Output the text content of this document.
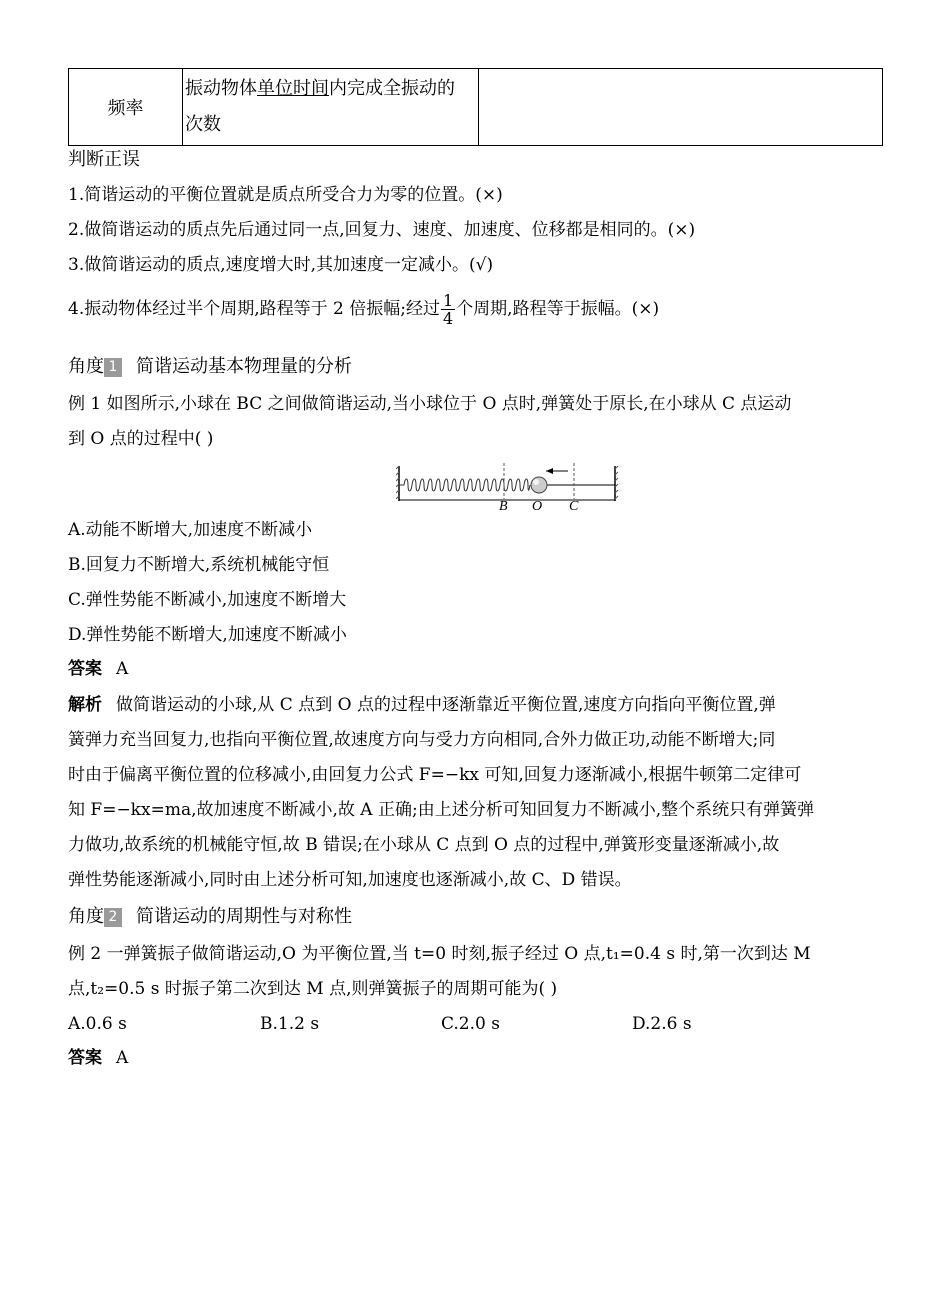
频率	振动物体单位时间内完成全振动的
次数	
判断正误
1.简谐运动的平衡位置就是质点所受合力为零的位置。(×)
2.做简谐运动的质点先后通过同一点,回复力、速度、加速度、位移都是相同的。(×)
3.做简谐运动的质点,速度增大时,其加速度一定减小。(√)
4.振动物体经过半个周期,路程等于 2 倍振幅;经过 $\frac{1}{4}$ 个周期,路程等于振幅。(×)
角度 1 简谐运动基本物理量的分析
例 1 如图所示,小球在 BC 之间做简谐运动,当小球位于 O 点时,弹簧处于原长,在小球从 C 点运动
到 O 点的过程中( )
B O C
A.动能不断增大,加速度不断减小
B.回复力不断增大,系统机械能守恒
C.弹性势能不断减小,加速度不断增大
D.弹性势能不断增大,加速度不断减小
答案 A
解析 做简谐运动的小球,从 C 点到 O 点的过程中逐渐靠近平衡位置,速度方向指向平衡位置,弹
簧弹力充当回复力,也指向平衡位置,故速度方向与受力方向相同,合外力做正功,动能不断增大;同
时由于偏离平衡位置的位移减小,由回复力公式 F=−kx 可知,回复力逐渐减小,根据牛顿第二定律可
知 F=−kx=ma,故加速度不断减小,故 A 正确;由上述分析可知回复力不断减小,整个系统只有弹簧弹
力做功,故系统的机械能守恒,故 B 错误;在小球从 C 点到 O 点的过程中,弹簧形变量逐渐减小,故
弹性势能逐渐减小,同时由上述分析可知,加速度也逐渐减小,故 C、D 错误。
角度 2 简谐运动的周期性与对称性
例 2 一弹簧振子做简谐运动,O 为平衡位置,当 t=0 时刻,振子经过 O 点,t₁=0.4 s 时,第一次到达 M
点,t₂=0.5 s 时振子第二次到达 M 点,则弹簧振子的周期可能为( )
A.0.6 s	B.1.2 s	C.2.0 s	D.2.6 s
答案 A
